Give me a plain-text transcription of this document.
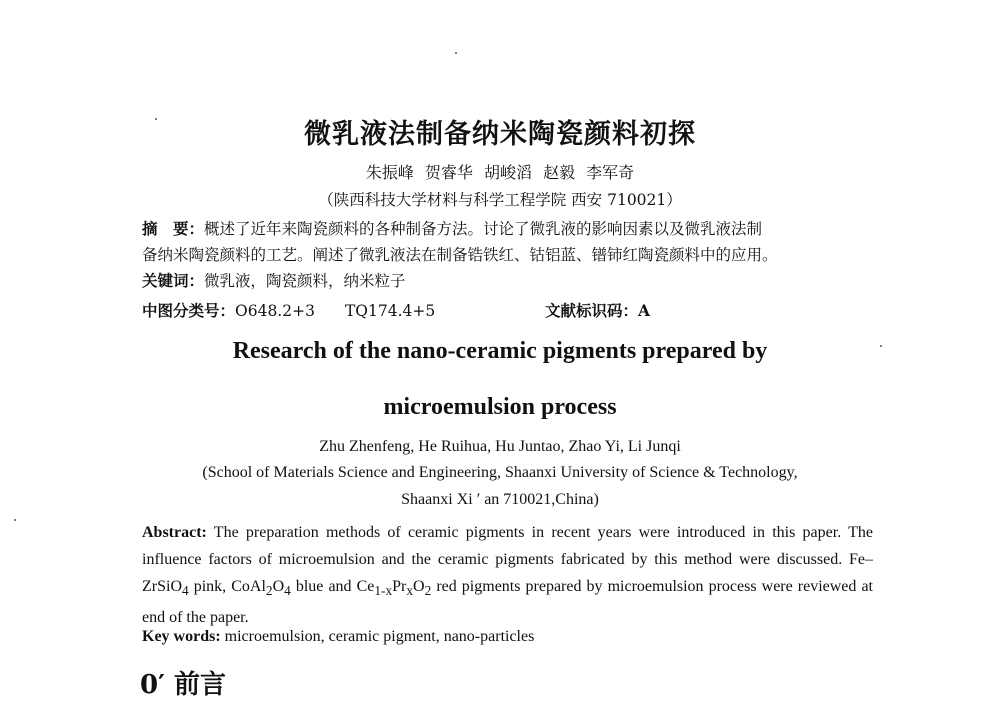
微乳液法制备纳米陶瓷颜料初探
朱振峰 贺睿华 胡峻滔 赵毅 李军奇
（陕西科技大学材料与科学工程学院 西安 710021）

摘　要：概述了近年来陶瓷颜料的各种制备方法。讨论了微乳液的影响因素以及微乳液法制

备纳米陶瓷颜料的工艺。阐述了微乳液法在制备锆铁红、钴铝蓝、镨铈红陶瓷颜料中的应用。

关键词：微乳液，陶瓷颜料，纳米粒子

中图分类号：O648.2+3 TQ174.4+5	文献标识码：A
Research of the nano-ceramic pigments prepared by
microemulsion process
Zhu Zhenfeng, He Ruihua, Hu Juntao, Zhao Yi, Li Junqi
(School of Materials Science and Engineering, Shaanxi University of Science & Technology,
Shaanxi Xi ′ an 710021,China)

Abstract: The preparation methods of ceramic pigments in recent years were introduced in this paper. The influence factors of microemulsion and the ceramic pigments fabricated by this method were discussed. Fe–ZrSiO$_4$ pink, $CoAl_2O_4$ blue and $Ce_{1-x}Pr_xO_2$ red pigments prepared by microemulsion process were reviewed at end of the paper.

Key words: microemulsion, ceramic pigment, nano-particles
0′ 前言
